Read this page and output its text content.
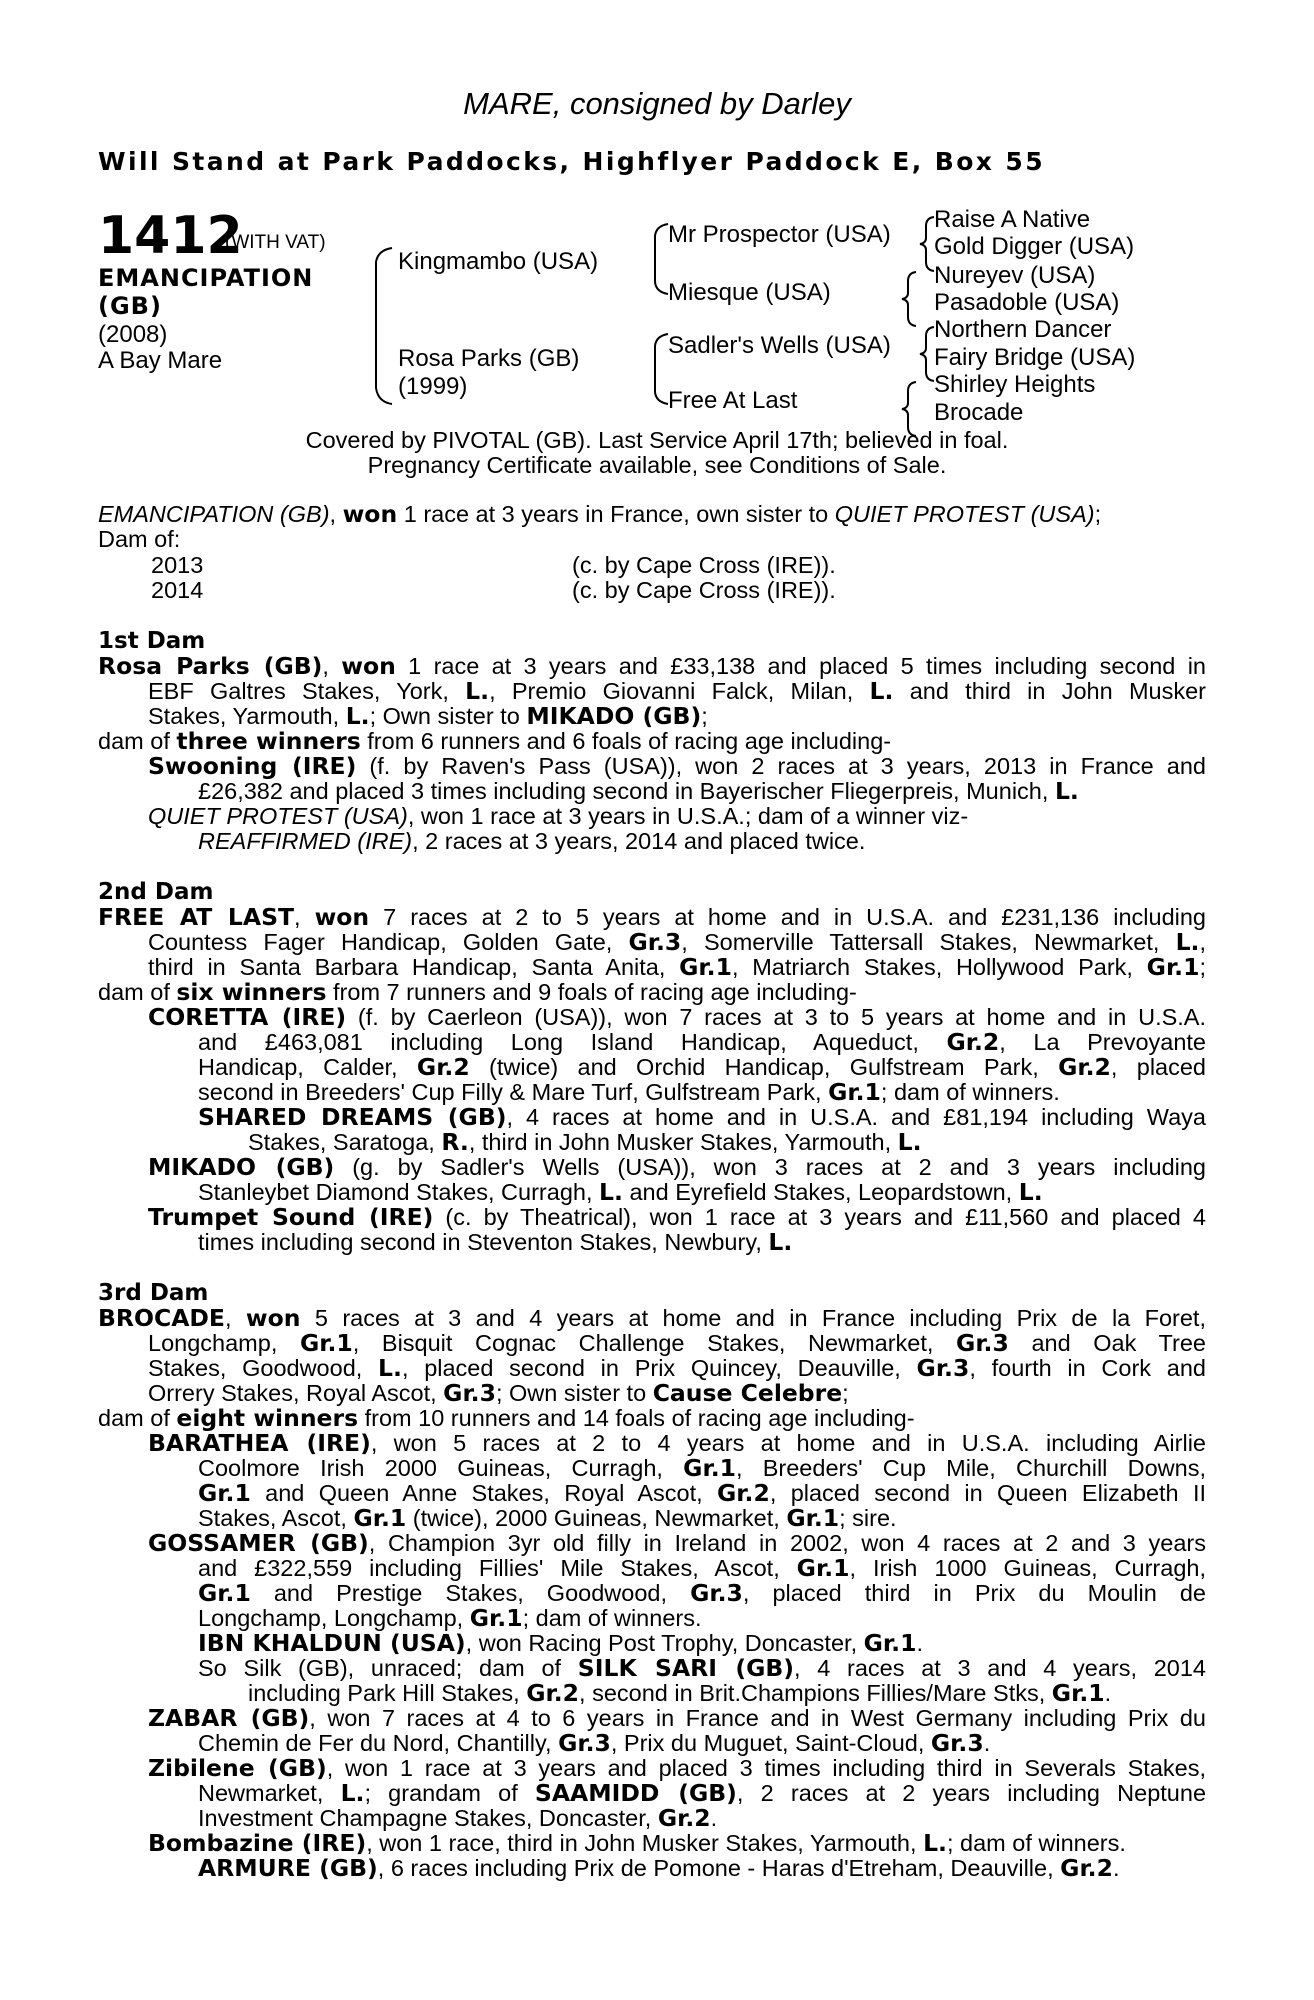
MARE, consigned by Darley
Will Stand at Park Paddocks, Highflyer Paddock E, Box 55
1412
(WITH VAT)
EMANCIPATION
(GB)
(2008)
A Bay Mare
Kingmambo (USA)
Rosa Parks (GB)
(1999)
Mr Prospector (USA)
Miesque (USA)
Sadler's Wells (USA)
Free At Last
Raise A Native
Gold Digger (USA)
Nureyev (USA)
Pasadoble (USA)
Northern Dancer
Fairy Bridge (USA)
Shirley Heights
Brocade
Covered by PIVOTAL (GB). Last Service April 17th; believed in foal.
Pregnancy Certificate available, see Conditions of Sale.
EMANCIPATION (GB), won 1 race at 3 years in France, own sister to QUIET PROTEST (USA);
Dam of:
2013	(c. by Cape Cross (IRE)).
2014	(c. by Cape Cross (IRE)).
1st Dam
Rosa Parks (GB), won 1 race at 3 years and £33,138 and placed 5 times including second in
EBF Galtres Stakes, York, L., Premio Giovanni Falck, Milan, L. and third in John Musker
Stakes, Yarmouth, L.; Own sister to MIKADO (GB);
dam of three winners from 6 runners and 6 foals of racing age including-
Swooning (IRE) (f. by Raven's Pass (USA)), won 2 races at 3 years, 2013 in France and
£26,382 and placed 3 times including second in Bayerischer Fliegerpreis, Munich, L.
QUIET PROTEST (USA), won 1 race at 3 years in U.S.A.; dam of a winner viz-
REAFFIRMED (IRE), 2 races at 3 years, 2014 and placed twice.
2nd Dam
FREE AT LAST, won 7 races at 2 to 5 years at home and in U.S.A. and £231,136 including
Countess Fager Handicap, Golden Gate, Gr.3, Somerville Tattersall Stakes, Newmarket, L.,
third in Santa Barbara Handicap, Santa Anita, Gr.1, Matriarch Stakes, Hollywood Park, Gr.1;
dam of six winners from 7 runners and 9 foals of racing age including-
CORETTA (IRE) (f. by Caerleon (USA)), won 7 races at 3 to 5 years at home and in U.S.A.
and £463,081 including Long Island Handicap, Aqueduct, Gr.2, La Prevoyante
Handicap, Calder, Gr.2 (twice) and Orchid Handicap, Gulfstream Park, Gr.2, placed
second in Breeders' Cup Filly & Mare Turf, Gulfstream Park, Gr.1; dam of winners.
SHARED DREAMS (GB), 4 races at home and in U.S.A. and £81,194 including Waya
Stakes, Saratoga, R., third in John Musker Stakes, Yarmouth, L.
MIKADO (GB) (g. by Sadler's Wells (USA)), won 3 races at 2 and 3 years including
Stanleybet Diamond Stakes, Curragh, L. and Eyrefield Stakes, Leopardstown, L.
Trumpet Sound (IRE) (c. by Theatrical), won 1 race at 3 years and £11,560 and placed 4
times including second in Steventon Stakes, Newbury, L.
3rd Dam
BROCADE, won 5 races at 3 and 4 years at home and in France including Prix de la Foret,
Longchamp, Gr.1, Bisquit Cognac Challenge Stakes, Newmarket, Gr.3 and Oak Tree
Stakes, Goodwood, L., placed second in Prix Quincey, Deauville, Gr.3, fourth in Cork and
Orrery Stakes, Royal Ascot, Gr.3; Own sister to Cause Celebre;
dam of eight winners from 10 runners and 14 foals of racing age including-
BARATHEA (IRE), won 5 races at 2 to 4 years at home and in U.S.A. including Airlie
Coolmore Irish 2000 Guineas, Curragh, Gr.1, Breeders' Cup Mile, Churchill Downs,
Gr.1 and Queen Anne Stakes, Royal Ascot, Gr.2, placed second in Queen Elizabeth II
Stakes, Ascot, Gr.1 (twice), 2000 Guineas, Newmarket, Gr.1; sire.
GOSSAMER (GB), Champion 3yr old filly in Ireland in 2002, won 4 races at 2 and 3 years
and £322,559 including Fillies' Mile Stakes, Ascot, Gr.1, Irish 1000 Guineas, Curragh,
Gr.1 and Prestige Stakes, Goodwood, Gr.3, placed third in Prix du Moulin de
Longchamp, Longchamp, Gr.1; dam of winners.
IBN KHALDUN (USA), won Racing Post Trophy, Doncaster, Gr.1.
So Silk (GB), unraced; dam of SILK SARI (GB), 4 races at 3 and 4 years, 2014
including Park Hill Stakes, Gr.2, second in Brit.Champions Fillies/Mare Stks, Gr.1.
ZABAR (GB), won 7 races at 4 to 6 years in France and in West Germany including Prix du
Chemin de Fer du Nord, Chantilly, Gr.3, Prix du Muguet, Saint-Cloud, Gr.3.
Zibilene (GB), won 1 race at 3 years and placed 3 times including third in Severals Stakes,
Newmarket, L.; grandam of SAAMIDD (GB), 2 races at 2 years including Neptune
Investment Champagne Stakes, Doncaster, Gr.2.
Bombazine (IRE), won 1 race, third in John Musker Stakes, Yarmouth, L.; dam of winners.
ARMURE (GB), 6 races including Prix de Pomone - Haras d'Etreham, Deauville, Gr.2.
